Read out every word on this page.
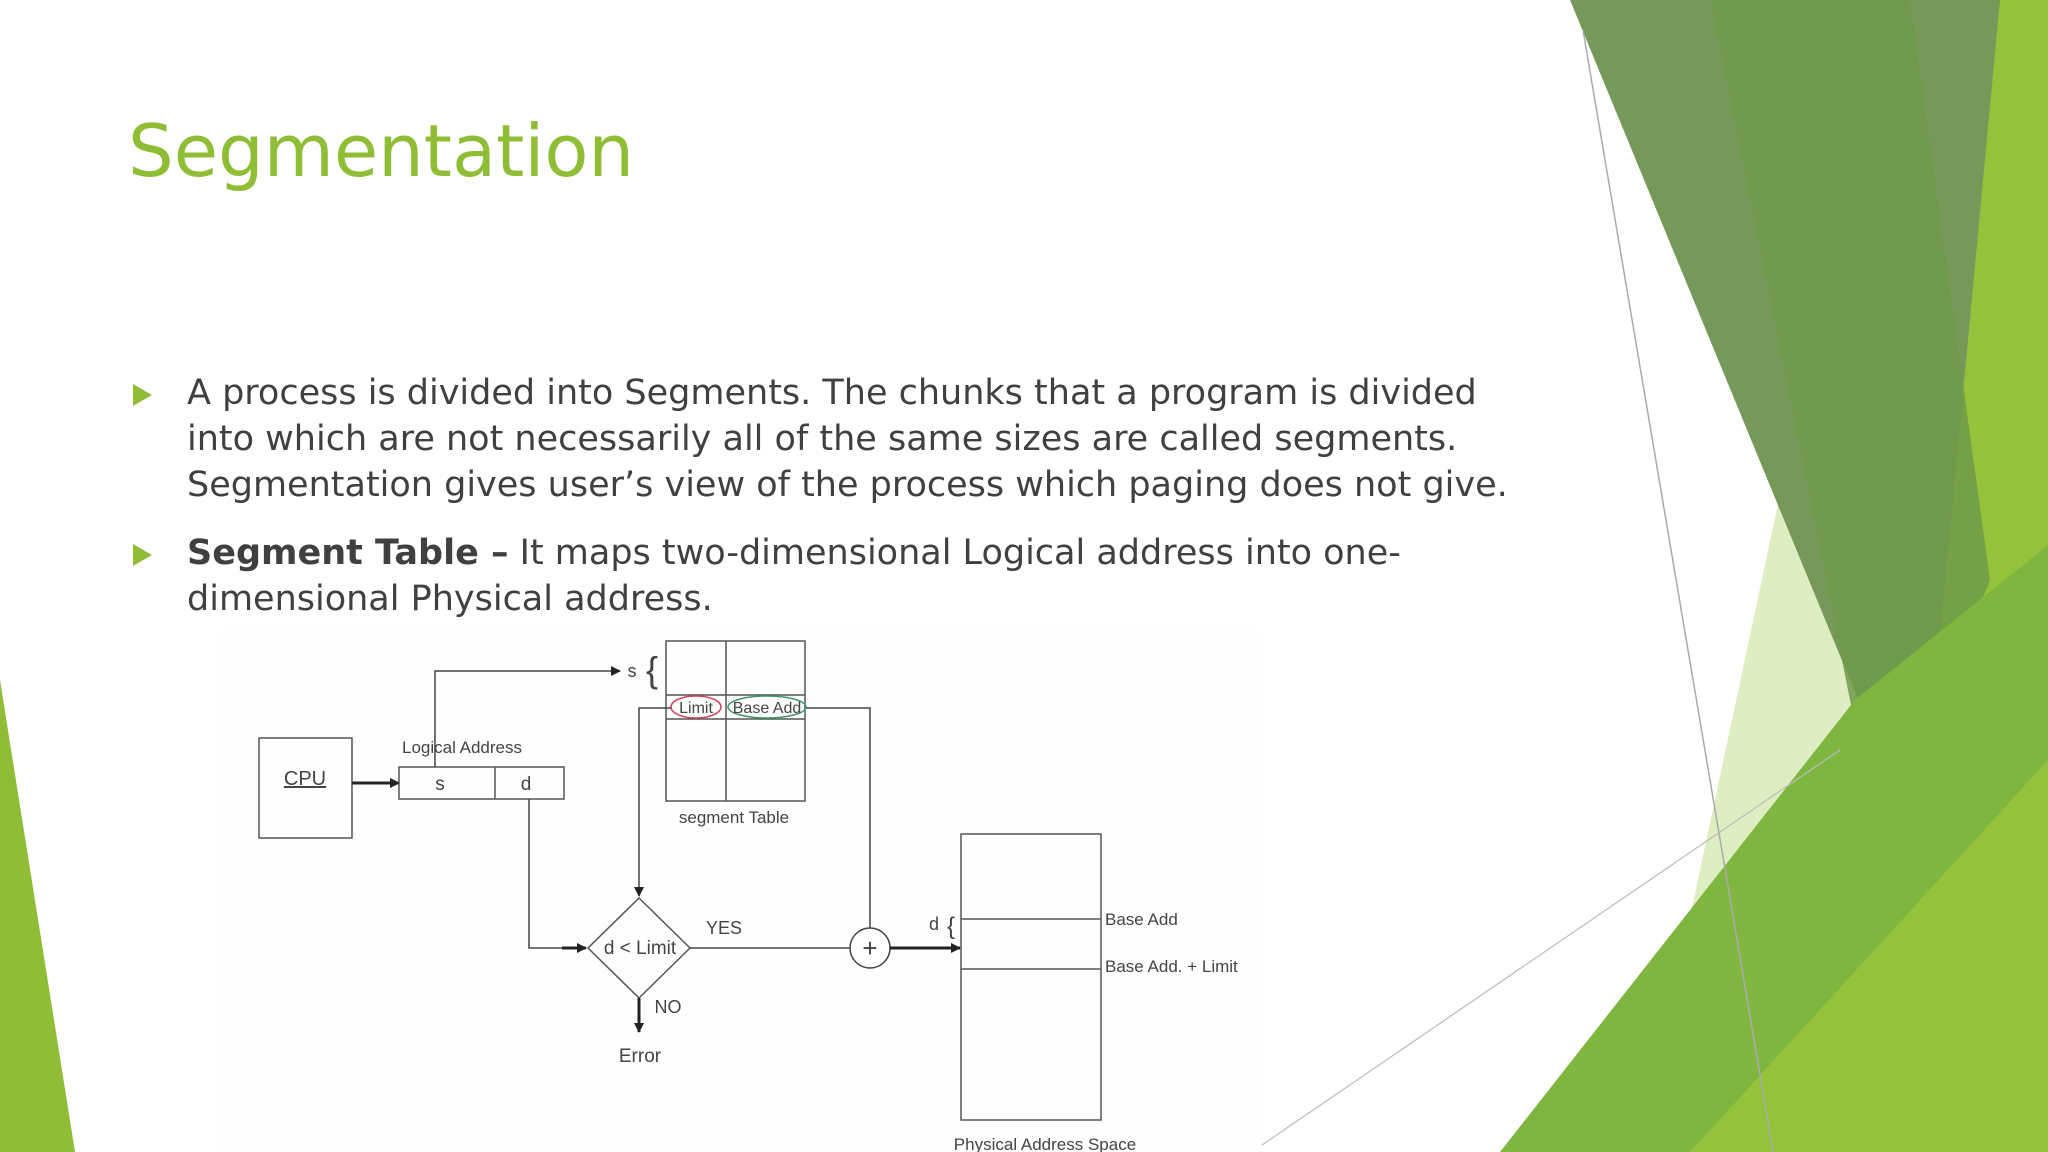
Segmentation
A process is divided into Segments. The chunks that a program is divided into which are not necessarily all of the same sizes are called segments. Segmentation gives user’s view of the process which paging does not give.
Segment Table – It maps two-dimensional Logical address into one-dimensional Physical address.
CPU
Logical Address
s	d
s {
Limit Base Add
segment Table
d < Limit
YES
NO
Error
+
d {	Base Add
Base Add. + Limit
Physical Address Space
